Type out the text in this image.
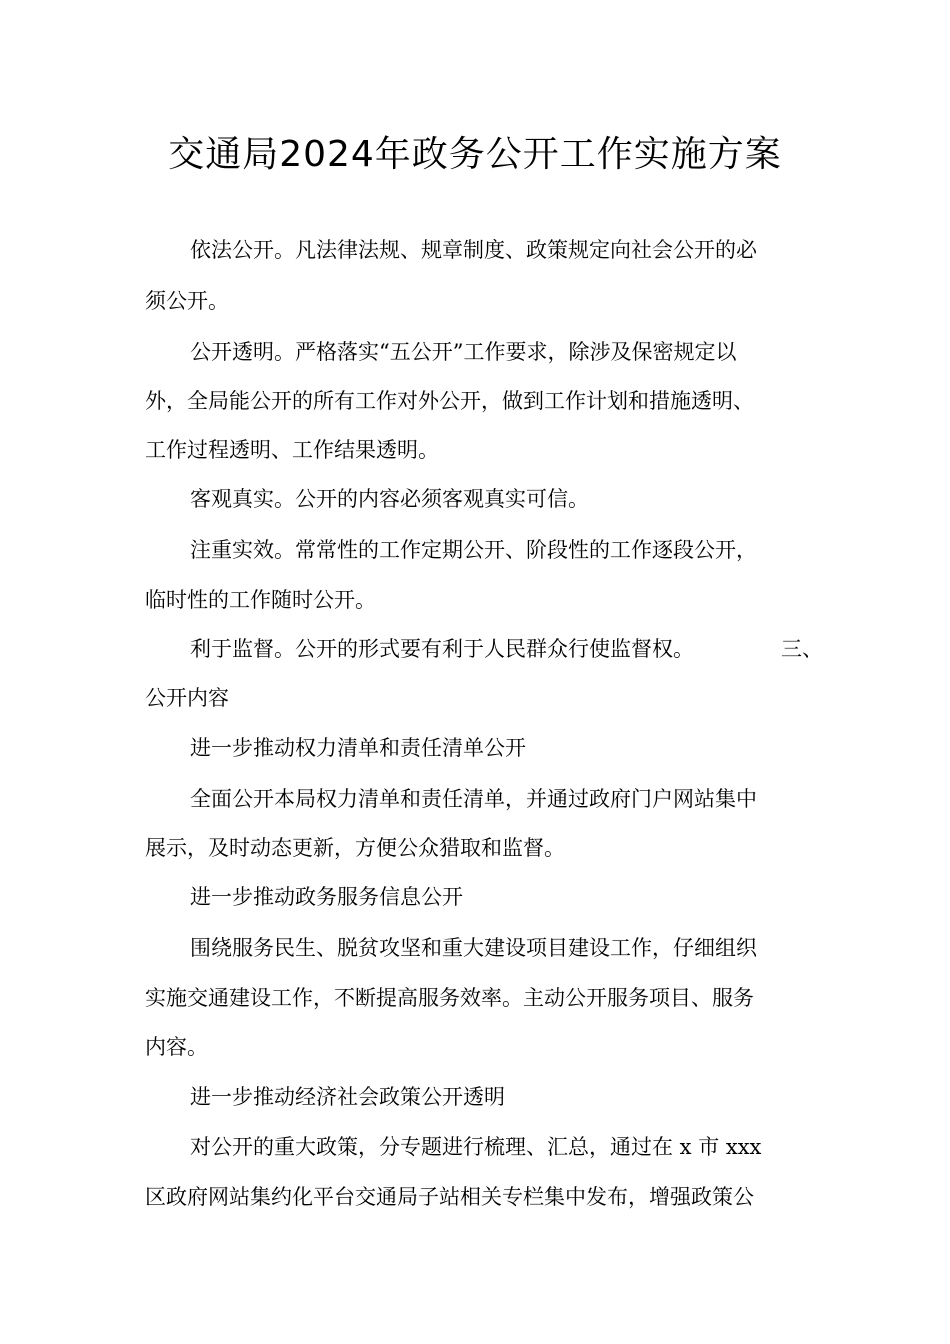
交通局2024年政务公开工作实施方案
依法公开。凡法律法规、规章制度、政策规定向社会公开的必
须公开。
公开透明。严格落实“五公开”工作要求，除涉及保密规定以
外，全局能公开的所有工作对外公开，做到工作计划和措施透明、
工作过程透明、工作结果透明。
客观真实。公开的内容必须客观真实可信。
注重实效。常常性的工作定期公开、阶段性的工作逐段公开，
临时性的工作随时公开。
利于监督。公开的形式要有利于人民群众行使监督权。	三、
公开内容
进一步推动权力清单和责任清单公开
全面公开本局权力清单和责任清单，并通过政府门户网站集中
展示，及时动态更新，方便公众猎取和监督。
进一步推动政务服务信息公开
围绕服务民生、脱贫攻坚和重大建设项目建设工作，仔细组织
实施交通建设工作，不断提高服务效率。主动公开服务项目、服务
内容。
进一步推动经济社会政策公开透明
对公开的重大政策，分专题进行梳理、汇总，通过在 x 市 xxx
区政府网站集约化平台交通局子站相关专栏集中发布，增强政策公
